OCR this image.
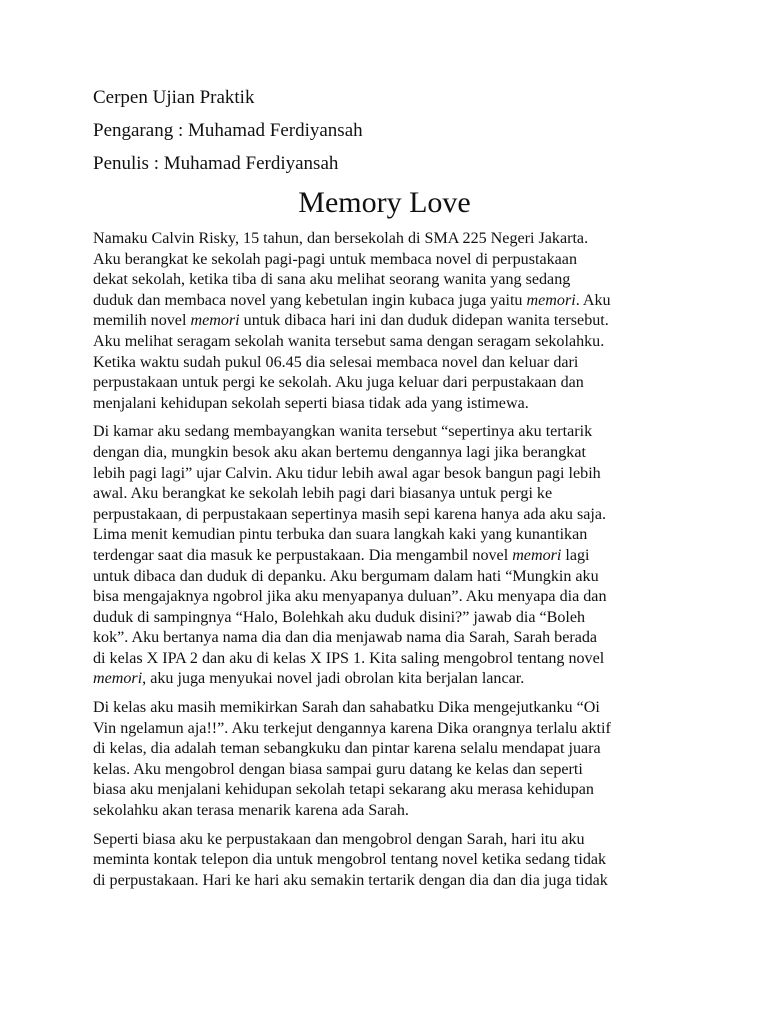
Cerpen Ujian Praktik
Pengarang : Muhamad Ferdiyansah
Penulis : Muhamad Ferdiyansah
Memory Love
Namaku Calvin Risky, 15 tahun, dan bersekolah di SMA 225 Negeri Jakarta.
Aku berangkat ke sekolah pagi-pagi untuk membaca novel di perpustakaan
dekat sekolah, ketika tiba di sana aku melihat seorang wanita yang sedang
duduk dan membaca novel yang kebetulan ingin kubaca juga yaitu memori. Aku
memilih novel memori untuk dibaca hari ini dan duduk didepan wanita tersebut.
Aku melihat seragam sekolah wanita tersebut sama dengan seragam sekolahku.
Ketika waktu sudah pukul 06.45 dia selesai membaca novel dan keluar dari
perpustakaan untuk pergi ke sekolah. Aku juga keluar dari perpustakaan dan
menjalani kehidupan sekolah seperti biasa tidak ada yang istimewa.
Di kamar aku sedang membayangkan wanita tersebut “sepertinya aku tertarik
dengan dia, mungkin besok aku akan bertemu dengannya lagi jika berangkat
lebih pagi lagi” ujar Calvin. Aku tidur lebih awal agar besok bangun pagi lebih
awal. Aku berangkat ke sekolah lebih pagi dari biasanya untuk pergi ke
perpustakaan, di perpustakaan sepertinya masih sepi karena hanya ada aku saja.
Lima menit kemudian pintu terbuka dan suara langkah kaki yang kunantikan
terdengar saat dia masuk ke perpustakaan. Dia mengambil novel memori lagi
untuk dibaca dan duduk di depanku. Aku bergumam dalam hati “Mungkin aku
bisa mengajaknya ngobrol jika aku menyapanya duluan”. Aku menyapa dia dan
duduk di sampingnya “Halo, Bolehkah aku duduk disini?” jawab dia “Boleh
kok”. Aku bertanya nama dia dan dia menjawab nama dia Sarah, Sarah berada
di kelas X IPA 2 dan aku di kelas X IPS 1. Kita saling mengobrol tentang novel
memori, aku juga menyukai novel jadi obrolan kita berjalan lancar.
Di kelas aku masih memikirkan Sarah dan sahabatku Dika mengejutkanku “Oi
Vin ngelamun aja!!”. Aku terkejut dengannya karena Dika orangnya terlalu aktif
di kelas, dia adalah teman sebangkuku dan pintar karena selalu mendapat juara
kelas. Aku mengobrol dengan biasa sampai guru datang ke kelas dan seperti
biasa aku menjalani kehidupan sekolah tetapi sekarang aku merasa kehidupan
sekolahku akan terasa menarik karena ada Sarah.
Seperti biasa aku ke perpustakaan dan mengobrol dengan Sarah, hari itu aku
meminta kontak telepon dia untuk mengobrol tentang novel ketika sedang tidak
di perpustakaan. Hari ke hari aku semakin tertarik dengan dia dan dia juga tidak
